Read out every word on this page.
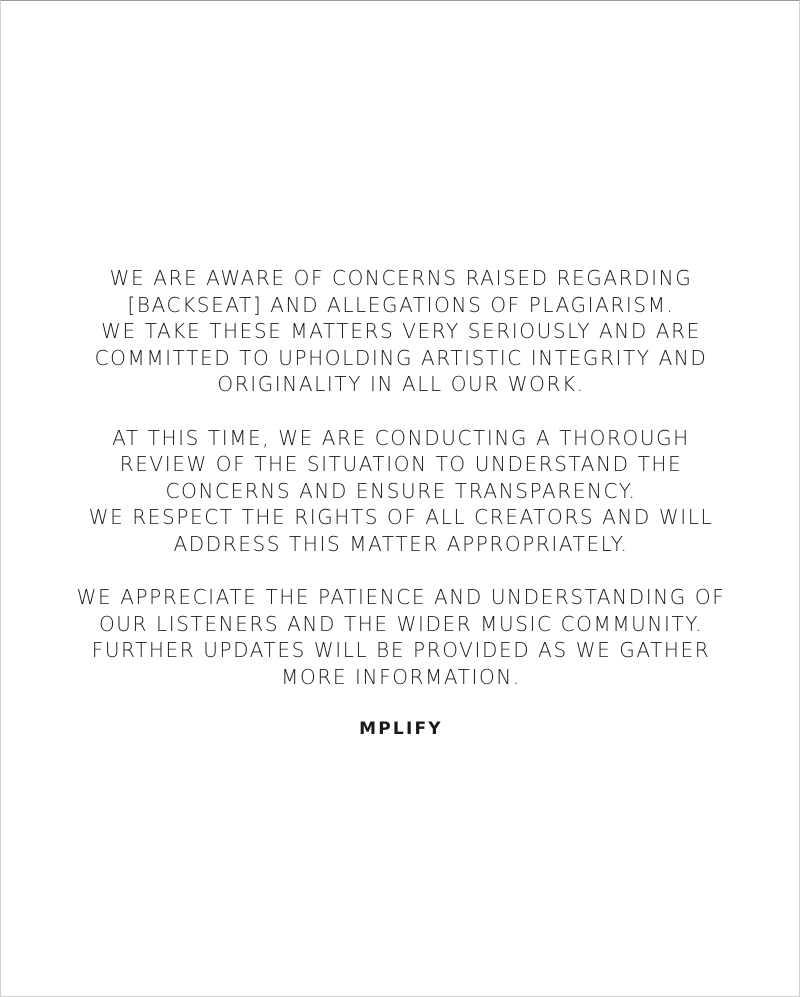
WE ARE AWARE OF CONCERNS RAISED REGARDING
[BACKSEAT] AND ALLEGATIONS OF PLAGIARISM.
WE TAKE THESE MATTERS VERY SERIOUSLY AND ARE
COMMITTED TO UPHOLDING ARTISTIC INTEGRITY AND
ORIGINALITY IN ALL OUR WORK.
AT THIS TIME, WE ARE CONDUCTING A THOROUGH
REVIEW OF THE SITUATION TO UNDERSTAND THE
CONCERNS AND ENSURE TRANSPARENCY.
WE RESPECT THE RIGHTS OF ALL CREATORS AND WILL
ADDRESS THIS MATTER APPROPRIATELY.
WE APPRECIATE THE PATIENCE AND UNDERSTANDING OF
OUR LISTENERS AND THE WIDER MUSIC COMMUNITY.
FURTHER UPDATES WILL BE PROVIDED AS WE GATHER
MORE INFORMATION.
MPLIFY
